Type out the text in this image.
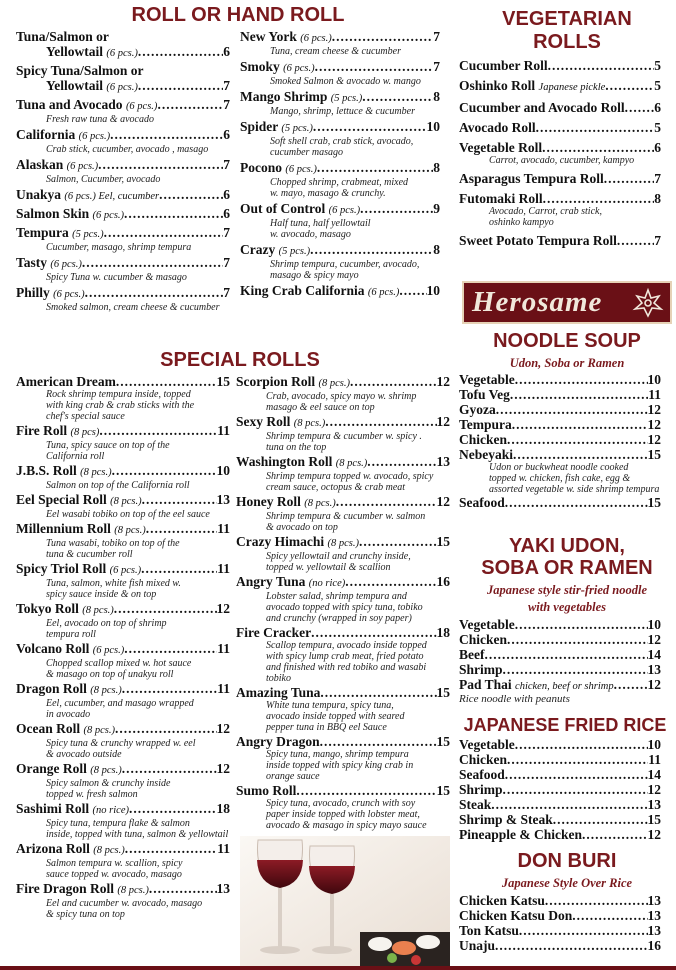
ROLL OR HAND ROLL
Tuna/Salmon or
Yellowtail (6 pcs.) .....	6
Spicy Tuna/Salmon or
Yellowtail (6 pcs.) .....	7
Tuna and Avocado (6 pcs.) .....	7
Fresh raw tuna & avocado
California (6 pcs.) .....	6
Crab stick, cucumber, avocado , masago
Alaskan (6 pcs.) .....	7
Salmon, Cucumber, avocado
Unakya (6 pcs.) Eel, cucumber .....	6
Salmon Skin (6 pcs.) .....	6
Tempura (5 pcs.) .....	7
Cucumber, masago, shrimp tempura
Tasty (6 pcs.) .....	7
Spicy Tuna w. cucumber & masago
Philly (6 pcs.) .....	7
Smoked salmon, cream cheese & cucumber
New York (6 pcs.) .....	7
Tuna, cream cheese & cucumber
Smoky (6 pcs.) .....	7
Smoked Salmon & avocado w. mango
Mango Shrimp (5 pcs.) .....	8
Mango, shrimp, lettuce & cucumber
Spider (5 pcs.) .....	10
Soft shell crab, crab stick, avocado,
cucumber masago
Pocono (6 pcs.) .....	8
Chopped shrimp, crabmeat, mixed
w. mayo, masago & crunchy.
Out of Control (6 pcs.) .....	9
Half tuna, half yellowtail
w. avocado, masago
Crazy (5 pcs.) .....	8
Shrimp tempura, cucumber, avocado,
masago & spicy mayo
King Crab California (6 pcs.) ..... 10
SPECIAL ROLLS
American Dream .....	15
Rock shrimp tempura inside, topped
with king crab & crab sticks with the
chef's special sauce
Fire Roll (8 pcs) .....	11
Tuna, spicy sauce on top of the
California roll
J.B.S. Roll (8 pcs.) .....	10
Salmon on top of the California roll
Eel Special Roll (8 pcs.) .....	13
Eel wasabi tobiko on top of the eel sauce
Millennium Roll (8 pcs.) .....	11
Tuna wasabi, tobiko on top of the
tuna & cucumber roll
Spicy Triol Roll (6 pcs.) .....	11
Tuna, salmon, white fish mixed w.
spicy sauce inside & on top
Tokyo Roll (8 pcs.) .....	12
Eel, avocado on top of shrimp
tempura roll
Volcano Roll (6 pcs.) .....	11
Chopped scallop mixed w. hot sauce
& masago on top of unakyu roll
Dragon Roll (8 pcs.) .....	11
Eel, cucumber, and masago wrapped
in avocado
Ocean Roll (8 pcs.) .....	12
Spicy tuna & crunchy wrapped w. eel
& avocado outside
Orange Roll (8 pcs.) .....	12
Spicy salmon & crunchy inside
topped w. fresh salmon
Sashimi Roll (no rice) .....	18
Spicy tuna, tempura flake & salmon
inside, topped with tuna, salmon & yellowtail
Arizona Roll (8 pcs.) .....	11
Salmon tempura w. scallion, spicy
sauce topped w. avocado, masago
Fire Dragon Roll (8 pcs.) .....	13
Eel and cucumber w. avocado, masago
& spicy tuna on top
Scorpion Roll (8 pcs.) .....	12
Crab, avocado, spicy mayo w. shrimp
masago & eel sauce on top
Sexy Roll (8 pcs.) .....	12
Shrimp tempura & cucumber w. spicy .
tuna on the top
Washington Roll (8 pcs.) .....	13
Shrimp tempura topped w. avocado, spicy
cream sauce, octopus & crab meat
Honey Roll (8 pcs.) .....	12
Shrimp tempura & cucumber w. salmon
& avocado on top
Crazy Himachi (8 pcs.) .....	15
Spicy yellowtail and crunchy inside,
topped w. yellowtail & scallion
Angry Tuna (no rice) .....	16
Lobster salad, shrimp tempura and
avocado topped with spicy tuna, tobiko
and crunchy (wrapped in soy paper)
Fire Cracker .....	18
Scallop tempura, avocado inside topped
with spicy lump crab meat, fried potato
and finished with red tobiko and wasabi tobiko
Amazing Tuna .....	15
White tuna tempura, spicy tuna,
avocado inside topped with seared
pepper tuna in BBQ eel Sauce
Angry Dragon .....	15
Spicy tuna, mango, shrimp tempura
inside topped with spicy king crab in
orange sauce
Sumo Roll .....	15
Spicy tuna, avocado, crunch with soy
paper inside topped with lobster meat,
avocado & masago in spicy mayo sauce
VEGETARIAN ROLLS
Cucumber Roll .....	5
Oshinko Roll Japanese pickle .....	5
Cucumber and Avocado Roll ..... 6
Avocado Roll .....	5
Vegetable Roll .....	6
Carrot, avocado, cucumber, kampyo
Asparagus Tempura Roll .....	7
Futomaki Roll .....	8
Avocado, Carrot, crab stick,
oshinko kampyo
Sweet Potato Tempura Roll .....	7
Herosame
NOODLE SOUP
Udon, Soba or Ramen
Vegetable .....	10
Tofu Veg .....	11
Gyoza .....	12
Tempura .....	12
Chicken .....	12
Nebeyaki .....	15
Udon or buckwheat noodle cooked
topped w. chicken, fish cake, egg &
assorted vegetable w. side shrimp tempura
Seafood .....	15
YAKI UDON,
SOBA OR RAMEN
Japanese style stir-fried noodle
with vegetables
Vegetable .....	10
Chicken .....	12
Beef .....	14
Shrimp .....	13
Pad Thai chicken, beef or shrimp .....	12
Rice noodle with peanuts
JAPANESE FRIED RICE
Vegetable .....	10
Chicken .....	11
Seafood .....	14
Shrimp .....	12
Steak .....	13
Shrimp & Steak .....	15
Pineapple & Chicken .....	12
DON BURI
Japanese Style Over Rice
Chicken Katsu .....	13
Chicken Katsu Don .....	13
Ton Katsu .....	13
Unaju .....	16
